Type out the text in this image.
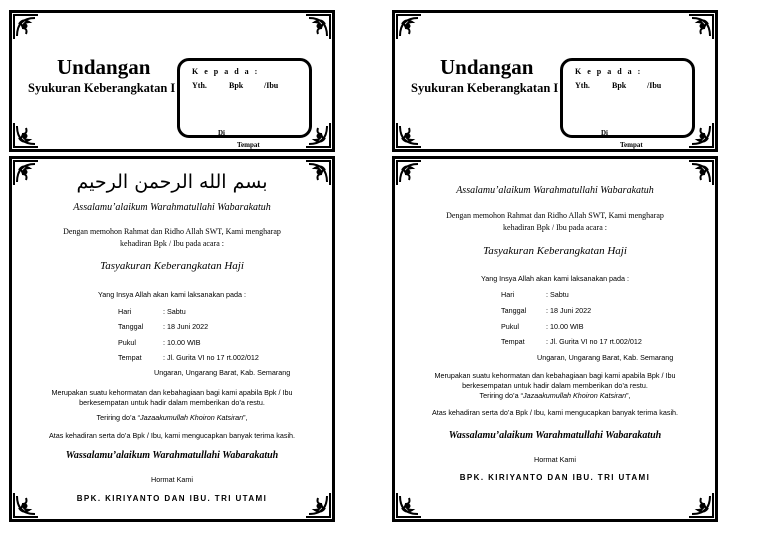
Undangan
Syukuran Keberangkatan I
K e p a d a :
Yth.	Bpk	/Ibu
Di
Tempat
Undangan
Syukuran Keberangkatan I
K e p a d a :
Yth.	Bpk	/Ibu
Di
Tempat
بسم الله الرحمن الرحيم
Assalamu’alaikum Warahmatullahi Wabarakatuh
Dengan memohon Rahmat dan Ridho Allah SWT, Kami mengharap
kehadiran Bpk / Ibu pada acara :
Tasyakuran Keberangkatan Haji
Yang Insya Allah akan kami laksanakan pada :
Hari	: Sabtu
Tanggal	: 18 Juni 2022
Pukul	: 10.00 WIB
Tempat	: Jl. Gurita VI no 17 rt.002/012
Ungaran, Ungarang Barat, Kab. Semarang
Merupakan suatu kehormatan dan kebahagiaan bagi kami apabila Bpk / Ibu
berkesempatan untuk hadir dalam memberikan do’a restu.
Teriring do’a “Jazaakumullah Khoiron Katsiran”,
Atas kehadiran serta do’a Bpk / Ibu, kami mengucapkan banyak terima kasih.
Wassalamu’alaikum Warahmatullahi Wabarakatuh
Hormat Kami
BPK. KIRIYANTO DAN IBU. TRI UTAMI
Assalamu’alaikum Warahmatullahi Wabarakatuh
Dengan memohon Rahmat dan Ridho Allah SWT, Kami mengharap
kehadiran Bpk / Ibu pada acara :
Tasyakuran Keberangkatan Haji
Yang Insya Allah akan kami laksanakan pada :
Hari	: Sabtu
Tanggal	: 18 Juni 2022
Pukul	: 10.00 WIB
Tempat	: Jl. Gurita VI no 17 rt.002/012
Ungaran, Ungarang Barat, Kab. Semarang
Merupakan suatu kehormatan dan kebahagiaan bagi kami apabila Bpk / Ibu
berkesempatan untuk hadir dalam memberikan do’a restu.
Teriring do’a “Jazaakumullah Khoiron Katsiran”,
Atas kehadiran serta do’a Bpk / Ibu, kami mengucapkan banyak terima kasih.
Wassalamu’alaikum Warahmatullahi Wabarakatuh
Hormat Kami
BPK. KIRIYANTO DAN IBU. TRI UTAMI
